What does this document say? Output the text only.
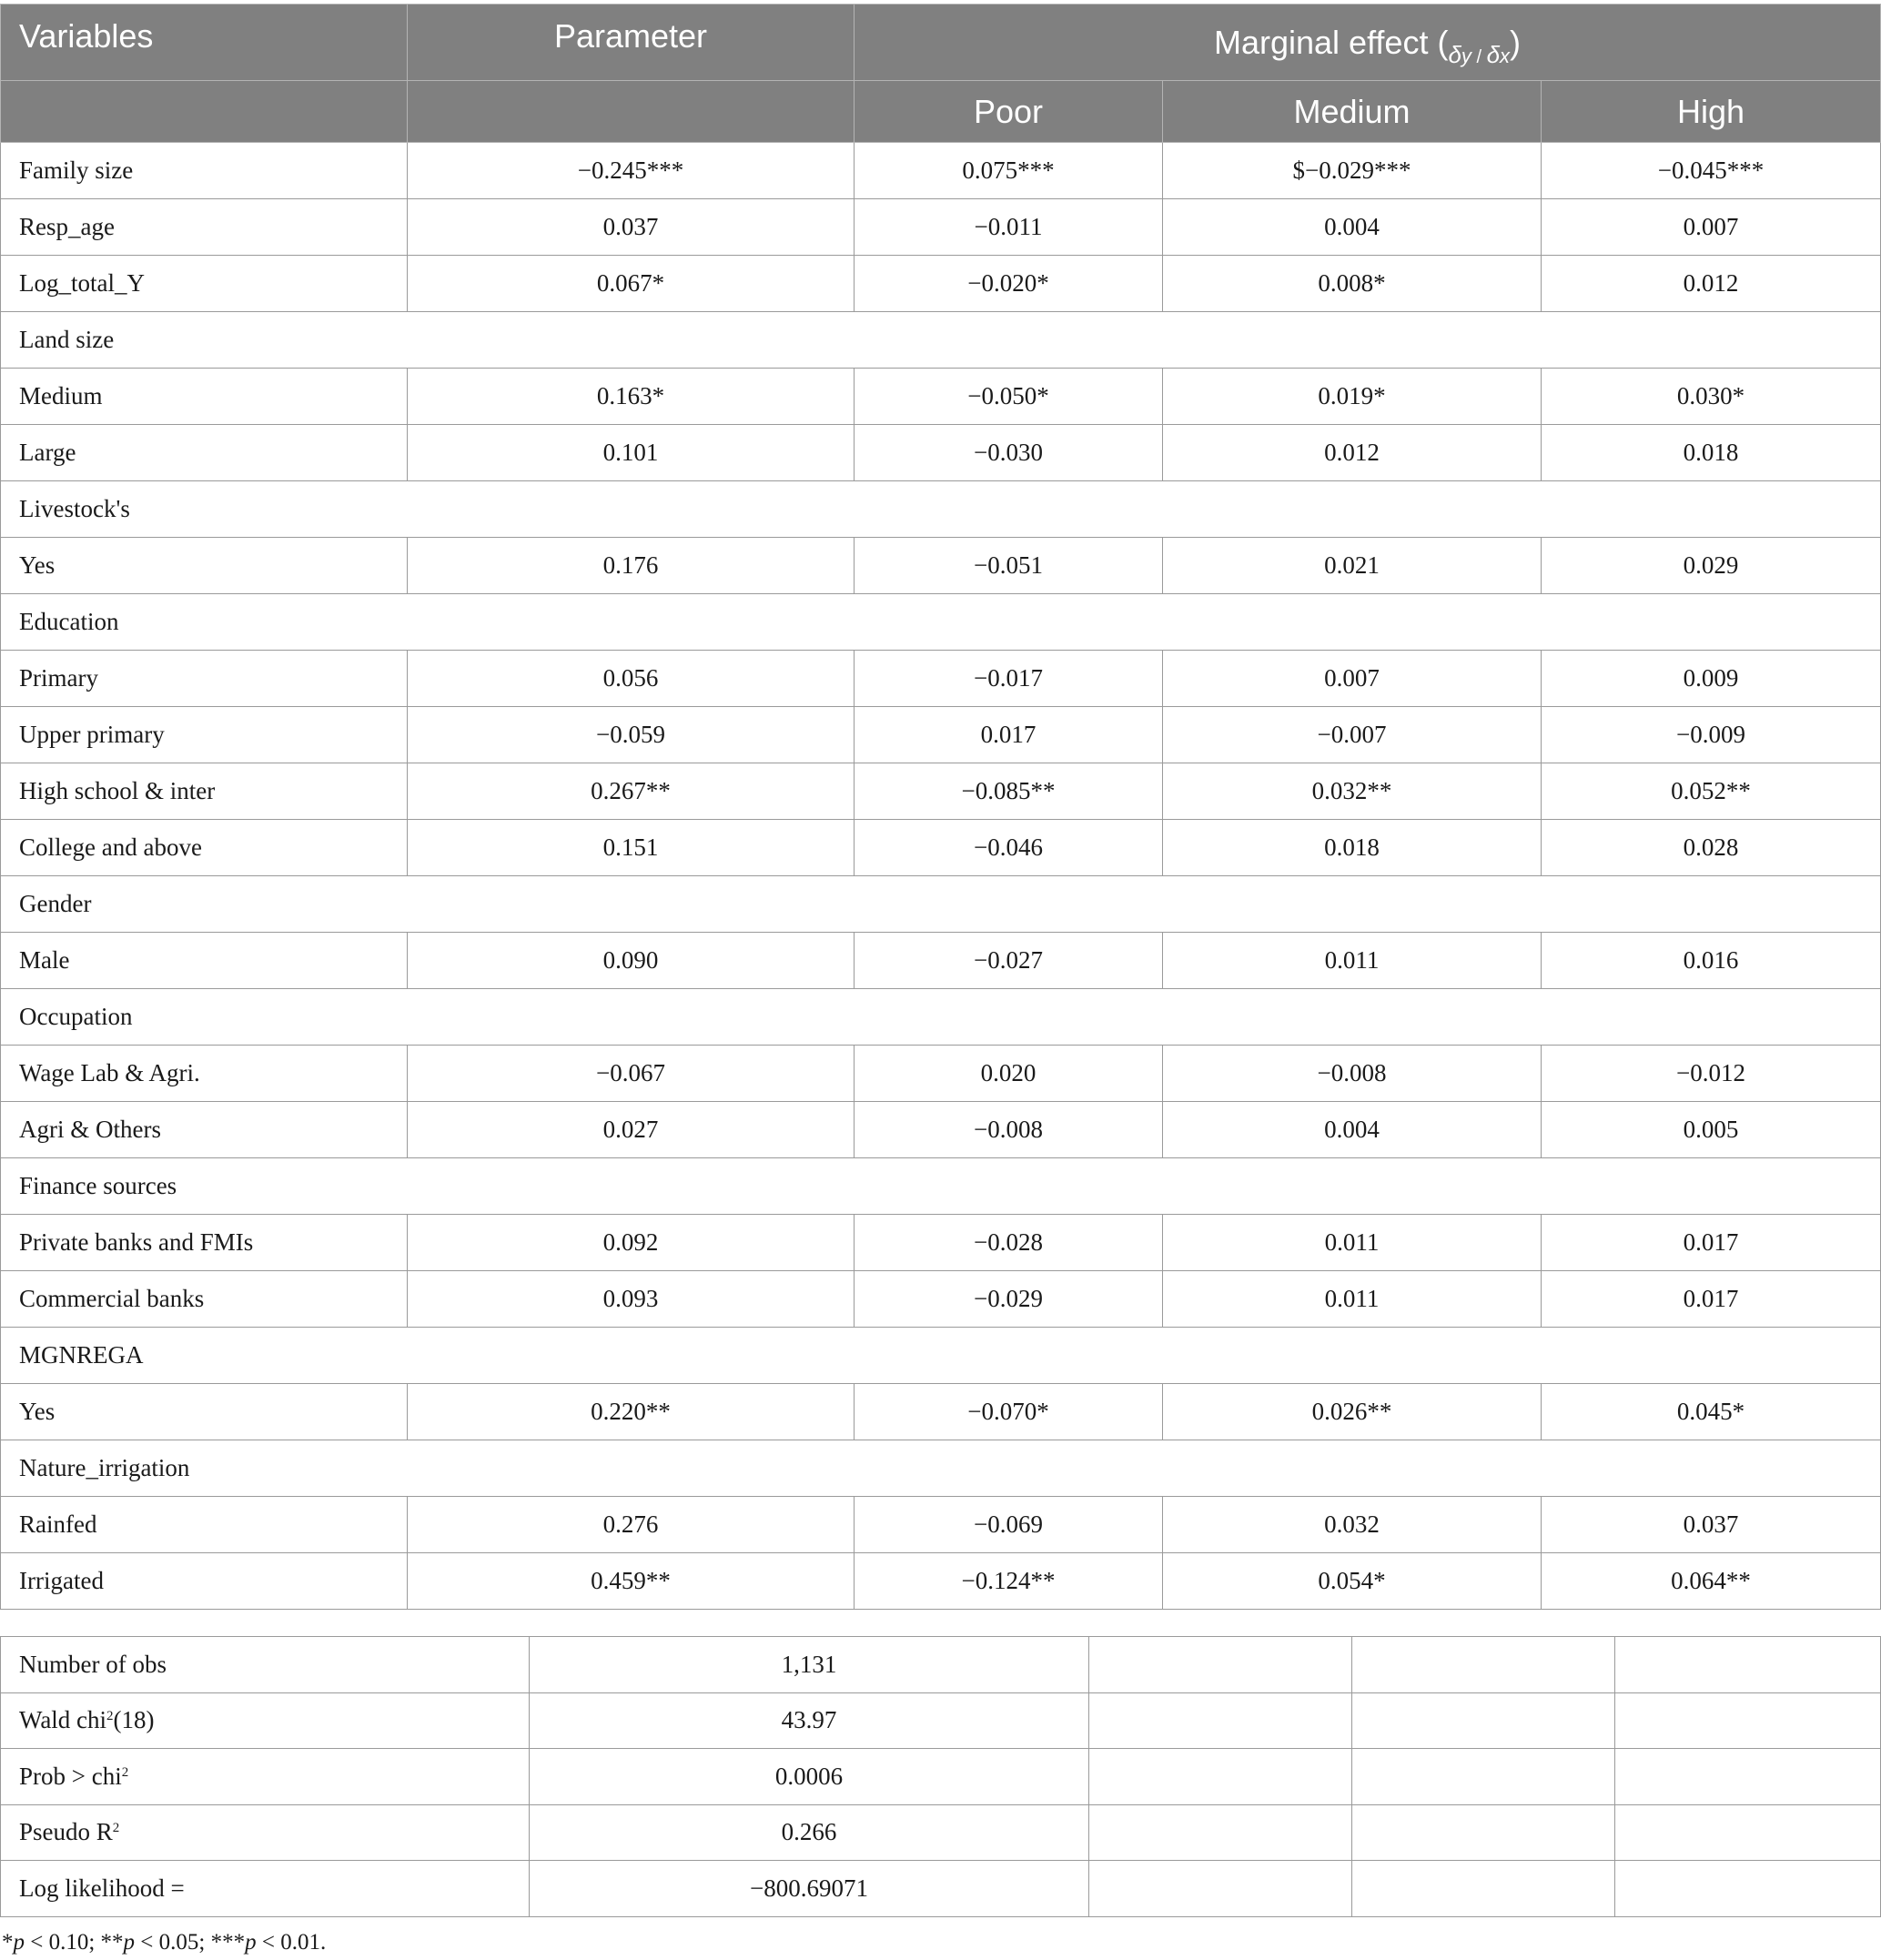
Variables	Parameter	Marginal effect ($_{\delta y}$ $_/$ $_{\delta x}$)		
		Poor	Medium	High
Family size	−0.245***	0.075***	$−0.029***	−0.045***
Resp_age	0.037	−0.011	0.004	0.007
Log_total_Y	0.067*	−0.020*	0.008*	0.012
Land size				
Medium	0.163*	−0.050*	0.019*	0.030*
Large	0.101	−0.030	0.012	0.018
Livestock's				
Yes	0.176	−0.051	0.021	0.029
Education				
Primary	0.056	−0.017	0.007	0.009
Upper primary	−0.059	0.017	−0.007	−0.009
High school & inter	0.267**	−0.085**	0.032**	0.052**
College and above	0.151	−0.046	0.018	0.028
Gender				
Male	0.090	−0.027	0.011	0.016
Occupation				
Wage Lab & Agri.	−0.067	0.020	−0.008	−0.012
Agri & Others	0.027	−0.008	0.004	0.005
Finance sources				
Private banks and FMIs	0.092	−0.028	0.011	0.017
Commercial banks	0.093	−0.029	0.011	0.017
MGNREGA				
Yes	0.220**	−0.070*	0.026**	0.045*
Nature_irrigation				
Rainfed	0.276	−0.069	0.032	0.037
Irrigated	0.459**	−0.124**	0.054*	0.064**
Number of obs	1,131			
Wald chi$^2$(18)	43.97			
Prob > chi$^2$	0.0006			
Pseudo $R^2$	0.266			
Log likelihood =	−800.69071			
*p < 0.10; **p < 0.05; ***p < 0.01.
